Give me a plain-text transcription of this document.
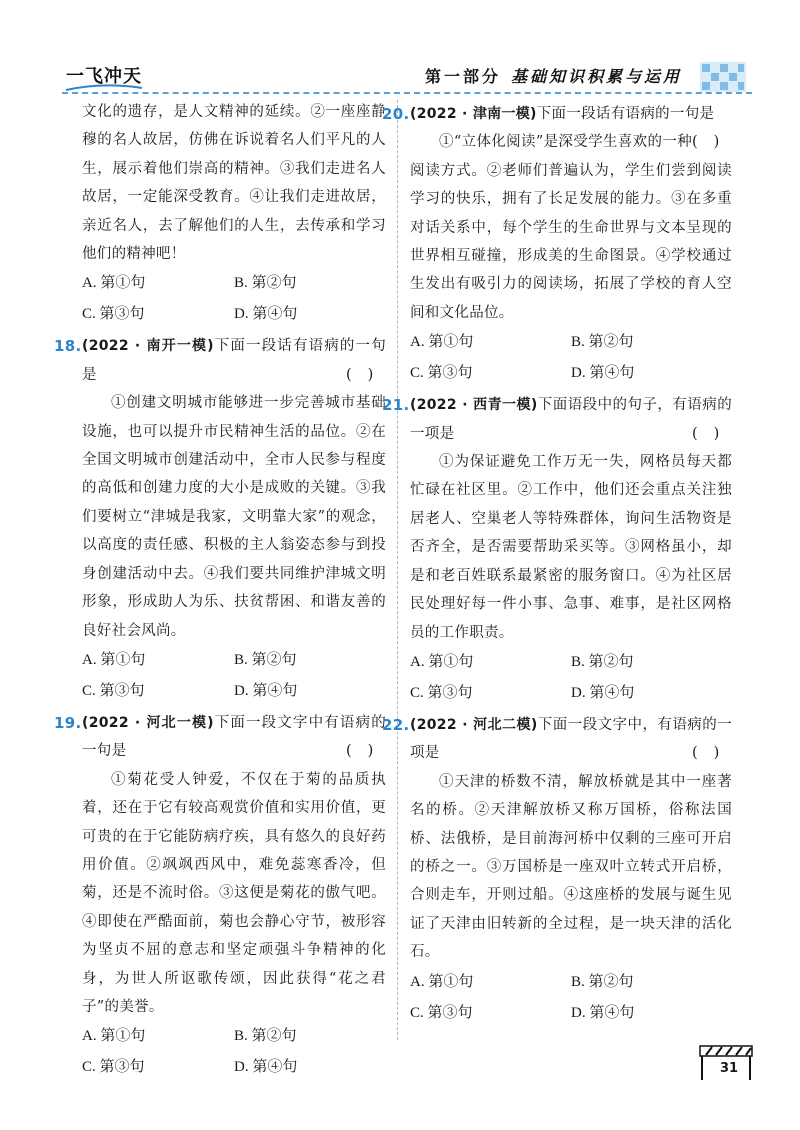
一飞冲天	第一部分 基础知识积累与运用
文化的遗存，是人文精神的延续。②一座座静穆的名人故居，仿佛在诉说着名人们平凡的人生，展示着他们崇高的精神。③我们走进名人故居，一定能深受教育。④让我们走进故居，亲近名人，去了解他们的人生，去传承和学习他们的精神吧！
A. 第①句	B. 第②句
C. 第③句	D. 第④句
18. (2022 · 南开一模)下面一段话有语病的一句是	()
①创建文明城市能够进一步完善城市基础设施，也可以提升市民精神生活的品位。②在全国文明城市创建活动中，全市人民参与程度的高低和创建力度的大小是成败的关键。③我们要树立“津城是我家，文明靠大家”的观念，以高度的责任感、积极的主人翁姿态参与到投身创建活动中去。④我们要共同维护津城文明形象，形成助人为乐、扶贫帮困、和谐友善的良好社会风尚。
A. 第①句	B. 第②句
C. 第③句	D. 第④句
19. (2022 · 河北一模)下面一段文字中有语病的一句是	()
①菊花受人钟爱，不仅在于菊的品质执着，还在于它有较高观赏价值和实用价值，更可贵的在于它能防病疗疾，具有悠久的良好药用价值。②飒飒西风中，难免蕊寒香冷，但菊，还是不流时俗。③这便是菊花的傲气吧。④即使在严酷面前，菊也会静心守节，被形容为坚贞不屈的意志和坚定顽强斗争精神的化身，为世人所讴歌传颂，因此获得“花之君子”的美誉。
A. 第①句	B. 第②句
C. 第③句	D. 第④句
20. (2022 · 津南一模)下面一段话有语病的一句是
()
①“立体化阅读”是深受学生喜欢的一种阅读方式。②老师们普遍认为，学生们尝到阅读学习的快乐，拥有了长足发展的能力。③在多重对话关系中，每个学生的生命世界与文本呈现的世界相互碰撞，形成美的生命图景。④学校通过生发出有吸引力的阅读场，拓展了学校的育人空间和文化品位。
A. 第①句	B. 第②句
C. 第③句	D. 第④句
21. (2022 · 西青一模)下面语段中的句子，有语病的一项是	()
①为保证避免工作万无一失，网格员每天都忙碌在社区里。②工作中，他们还会重点关注独居老人、空巢老人等特殊群体，询问生活物资是否齐全，是否需要帮助采买等。③网格虽小，却是和老百姓联系最紧密的服务窗口。④为社区居民处理好每一件小事、急事、难事，是社区网格员的工作职责。
A. 第①句	B. 第②句
C. 第③句	D. 第④句
22. (2022 · 河北二模)下面一段文字中，有语病的一项是	()
①天津的桥数不清，解放桥就是其中一座著名的桥。②天津解放桥又称万国桥，俗称法国桥、法俄桥，是目前海河桥中仅剩的三座可开启的桥之一。③万国桥是一座双叶立转式开启桥，合则走车，开则过船。④这座桥的发展与诞生见证了天津由旧转新的全过程，是一块天津的活化石。
A. 第①句	B. 第②句
C. 第③句	D. 第④句
31
